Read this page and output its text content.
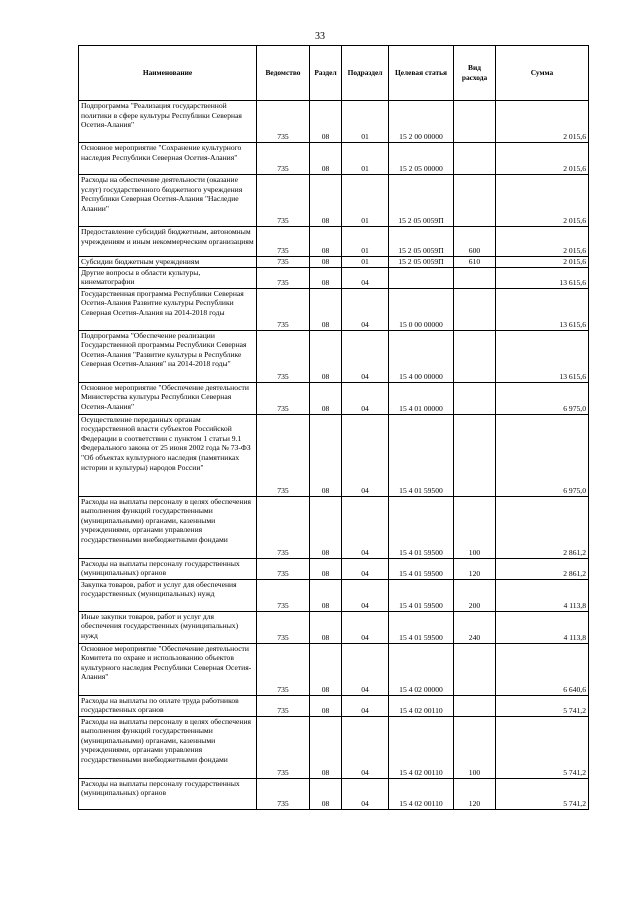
33
Наименование	Ведомство	Раздел	Подраздел	Целевая статья	Вид расхода	Сумма
Подпрограмма "Реализация государственной политики в сфере культуры Республики Северная Осетия-Алания"	735	08	01	15 2 00 00000		2 015,6
Основное мероприятие "Сохранение культурного наследия Республики Северная Осетия-Алания"	735	08	01	15 2 05 00000		2 015,6
Расходы на обеспечение деятельности (оказание услуг) государственного бюджетного учреждения Республики Северная Осетия-Алания "Наследие Алании"	735	08	01	15 2 05 0059П		2 015,6
Предоставление субсидий бюджетным, автономным учреждениям и иным некоммерческим организациям	735	08	01	15 2 05 0059П	600	2 015,6
Субсидии бюджетным учреждениям	735	08	01	15 2 05 0059П	610	2 015,6
Другие вопросы в области культуры, кинематографии	735	08	04			13 615,6
Государственная программа Республики Северная Осетия-Алания Развитие культуры Республики Северная Осетия-Алания на 2014-2018 годы	735	08	04	15 0 00 00000		13 615,6
Подпрограмма "Обеспечение реализации Государственной программы Республики Северная Осетия-Алания "Развитие культуры в Республике Северная Осетия-Алания" на 2014-2018 годы"	735	08	04	15 4 00 00000		13 615,6
Основное мероприятие "Обеспечение деятельности Министерства культуры Республики Северная Осетия-Алания"	735	08	04	15 4 01 00000		6 975,0
Осуществление переданных органам государственной власти субъектов Российской Федерации в соответствии с пунктом 1 статьи 9.1 Федерального закона от 25 июня 2002 года № 73-ФЗ "Об объектах культурного наследия (памятниках истории и культуры) народов России"	735	08	04	15 4 01 59500		6 975,0
Расходы на выплаты персоналу в целях обеспечения выполнения функций государственными (муниципальными) органами, казенными учреждениями, органами управления государственными внебюджетными фондами	735	08	04	15 4 01 59500	100	2 861,2
Расходы на выплаты персоналу государственных (муниципальных) органов	735	08	04	15 4 01 59500	120	2 861,2
Закупка товаров, работ и услуг для обеспечения государственных (муниципальных) нужд	735	08	04	15 4 01 59500	200	4 113,8
Иные закупки товаров, работ и услуг для обеспечения государственных (муниципальных) нужд	735	08	04	15 4 01 59500	240	4 113,8
Основное мероприятие "Обеспечение деятельности Комитета по охране и использованию объектов культурного наследия Республики Северная Осетия-Алания"	735	08	04	15 4 02 00000		6 640,6
Расходы на выплаты по оплате труда работников государственных органов	735	08	04	15 4 02 00110		5 741,2
Расходы на выплаты персоналу в целях обеспечения выполнения функций государственными (муниципальными) органами, казенными учреждениями, органами управления государственными внебюджетными фондами	735	08	04	15 4 02 00110	100	5 741,2
Расходы на выплаты персоналу государственных (муниципальных) органов	735	08	04	15 4 02 00110	120	5 741,2
